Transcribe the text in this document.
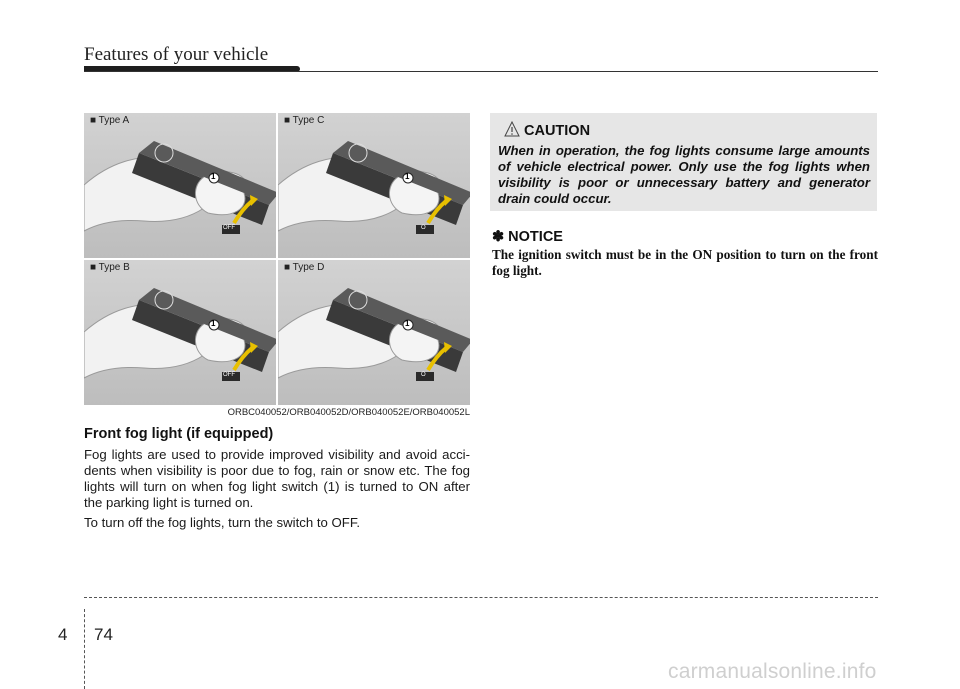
Features of your vehicle
■ Type A
1
OFF
■ Type C
1
O
■ Type B
1
OFF
■ Type D
1
O
ORBC040052/ORB040052D/ORB040052E/ORB040052L
Front fog light (if equipped)

Fog lights are used to provide improved visibility and avoid acci-dents when visibility is poor due to fog, rain or snow etc. The fog lights will turn on when fog light switch (1) is turned to ON after the parking light is turned on.

To turn off the fog lights, turn the switch to OFF.

CAUTION
When in operation, the fog lights consume large amounts of vehicle electrical power. Only use the fog lights when visibility is poor or unnecessary battery and generator drain could occur.
✽ NOTICE
The ignition switch must be in the ON position to turn on the front fog light.
4 74
carmanualsonline.info
